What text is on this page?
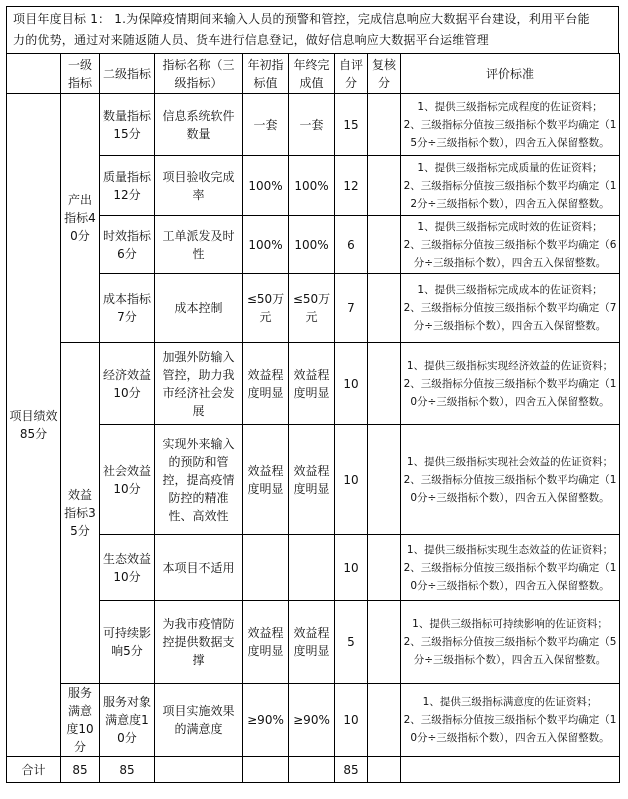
项目年度目标 1： 1.为保障疫情期间来输入人员的预警和管控，完成信息响应大数据平台建设，利用平台能
力的优势，通过对来随返随人员、货车进行信息登记，做好信息响应大数据平台运维管理
	一级指标	二级指标	指标名称（三级指标）	年初指标值	年终完成值	自评分	复核分	评价标准
项目绩效85分	产出指标40分	数量指标15分	信息系统软件数量	一套	一套	15		1、提供三级指标完成程度的佐证资料；
2、三级指标分值按三级指标个数平均确定（15分÷三级指标个数），四舍五入保留整数。

		质量指标12分	项目验收完成率	100%	100%	12		1、提供三级指标完成质量的佐证资料；
2、三级指标分值按三级指标个数平均确定（12分÷三级指标个数），四舍五入保留整数。

		时效指标6分	工单派发及时性	100%	100%	6		1、提供三级指标完成时效的佐证资料；
2、三级指标分值按三级指标个数平均确定（6分÷三级指标个数），四舍五入保留整数。

		成本指标7分	成本控制	≤50万元	≤50万元	7		1、提供三级指标完成成本的佐证资料；
2、三级指标分值按三级指标个数平均确定（7分÷三级指标个数），四舍五入保留整数。

	效益指标35分	经济效益10分	加强外防输入管控，助力我市经济社会发展	效益程度明显	效益程度明显	10		1、提供三级指标实现经济效益的佐证资料；
2、三级指标分值按三级指标个数平均确定（10分÷三级指标个数），四舍五入保留整数。

		社会效益10分	实现外来输入的预防和管控，提高疫情防控的精准性、高效性	效益程度明显	效益程度明显	10		1、提供三级指标实现社会效益的佐证资料；
2、三级指标分值按三级指标个数平均确定（10分÷三级指标个数），四舍五入保留整数。

		生态效益10分	本项目不适用			10		1、提供三级指标实现生态效益的佐证资料；
2、三级指标分值按三级指标个数平均确定（10分÷三级指标个数），四舍五入保留整数。

		可持续影响5分	为我市疫情防控提供数据支撑	效益程度明显	效益程度明显	5		1、提供三级指标可持续影响的佐证资料；
2、三级指标分值按三级指标个数平均确定（5分÷三级指标个数），四舍五入保留整数。

	服务满意度10分	服务对象满意度10分	项目实施效果的满意度	≥90%	≥90%	10		1、提供三级指标满意度的佐证资料；
2、三级指标分值按三级指标个数平均确定（10分÷三级指标个数），四舍五入保留整数。

合计	85	85				85		
